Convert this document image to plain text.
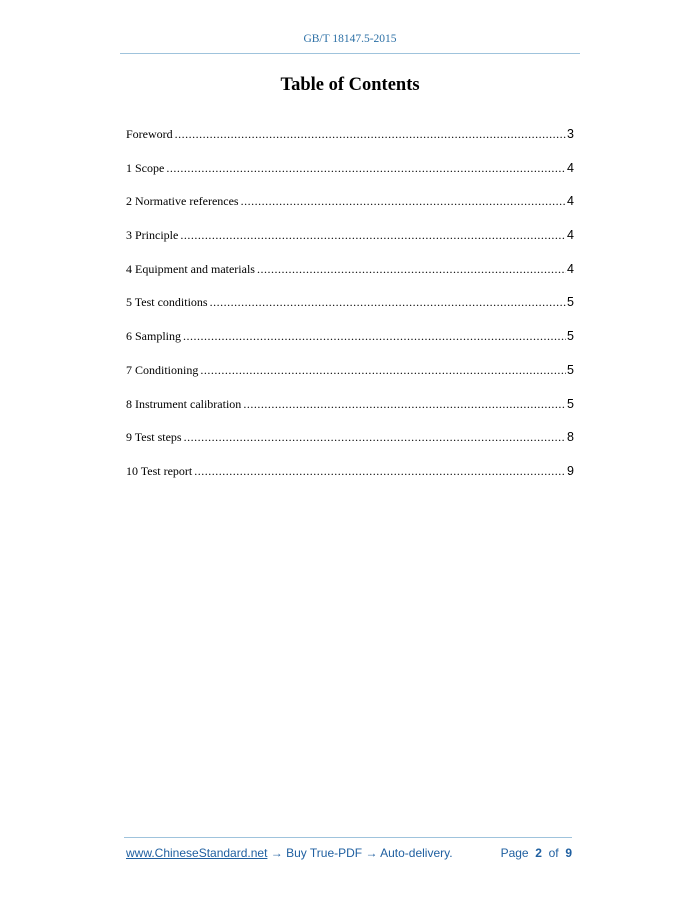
GB/T 18147.5-2015
Table of Contents
Foreword .....	3
1 Scope .....	4
2 Normative references .....	4
3 Principle .....	4
4 Equipment and materials .....	4
5 Test conditions .....	5
6 Sampling .....	5
7 Conditioning .....	5
8 Instrument calibration .....	5
9 Test steps .....	8
10 Test report .....	9
www.ChineseStandard.net → Buy True-PDF → Auto-delivery.	Page 2 of 9
